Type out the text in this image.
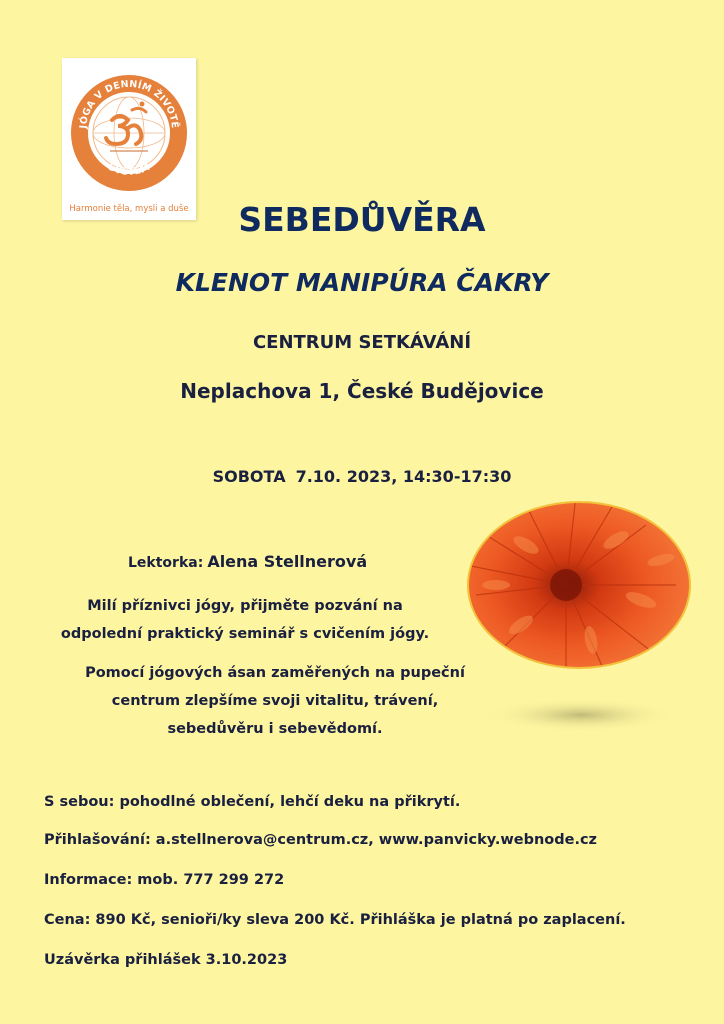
JÓGA V DENNÍM ŽIVOTĚ
SYSTÉM
Harmonie těla, mysli a duše	SEBEDŮVĚRA
KLENOT MANIPÚRA ČAKRY
CENTRUM SETKÁVÁNÍ
Neplachova 1, České Budějovice
SOBOTA 7.10. 2023, 14:30-17:30
Lektorka: Alena Stellnerová
Milí příznivci jógy, přijměte pozvání na
odpolední praktický seminář s cvičením jógy.
Pomocí jógových ásan zaměřených na pupeční
centrum zlepšíme svoji vitalitu, trávení,
sebedůvěru i sebevědomí.
S sebou: pohodlné oblečení, lehčí deku na přikrytí.
Přihlašování: a.stellnerova@centrum.cz, www.panvicky.webnode.cz
Informace: mob. 777 299 272
Cena: 890 Kč, senioři/ky sleva 200 Kč. Přihláška je platná po zaplacení.
Uzávěrka přihlášek 3.10.2023
